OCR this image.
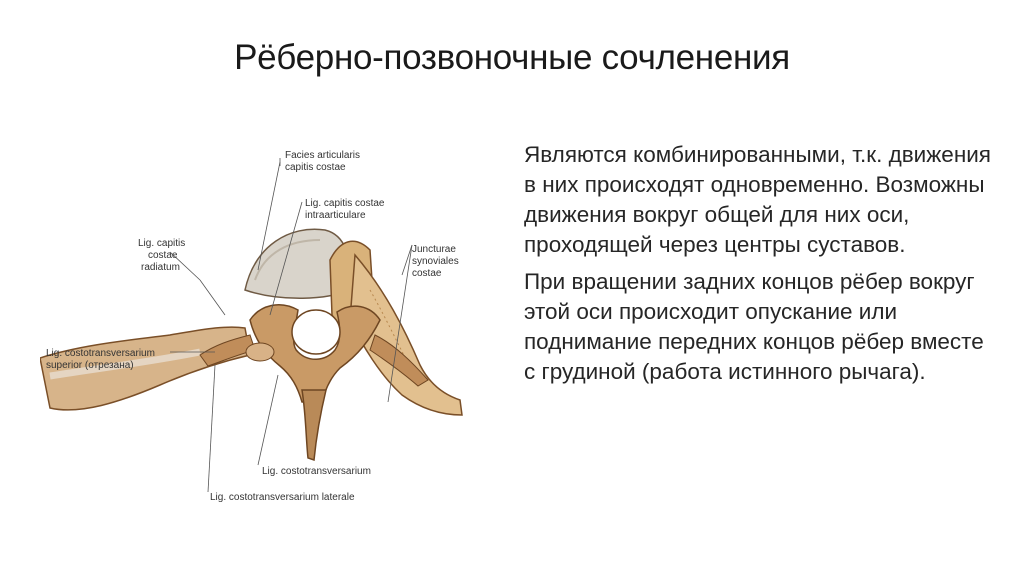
Рёберно-позвоночные сочленения
Facies articularis
capitis costae
Lig. capitis costae
intraarticulare
Lig. capitis
costae
radiatum
Juncturae
synoviales
costae
Lig. costotransversarium
superior (отрезана)
Lig. costotransversarium
Lig. costotransversarium laterale

Являются комбинированными, т.к. движения в них происходят одновременно. Возможны движения вокруг общей для них оси, проходящей через центры суставов.

При вращении задних концов рёбер вокруг этой оси происходит опускание или поднимание передних концов рёбер вместе с грудиной (работа истинного рычага).
